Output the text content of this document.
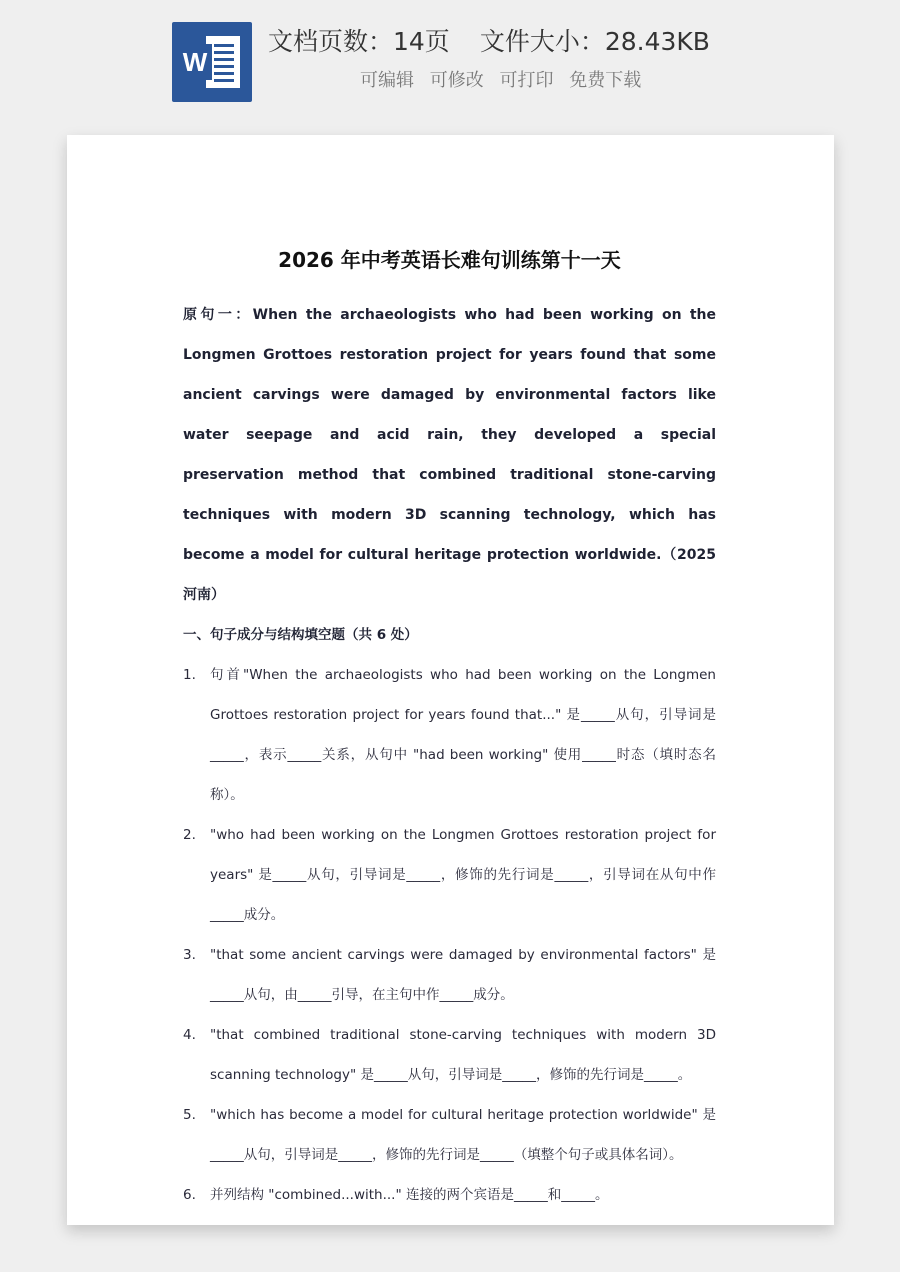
W
文档页数：14页 文件大小：28.43KB
可编辑 可修改 可打印 免费下载
2026 年中考英语长难句训练第十一天

原句一：When the archaeologists who had been working on the Longmen Grottoes restoration project for years found that some ancient carvings were damaged by environmental factors like water seepage and acid rain, they developed a special preservation method that combined traditional stone-carving techniques with modern 3D scanning technology, which has become a model for cultural heritage protection worldwide.（2025 河南）

一、句子成分与结构填空题（共 6 处）

1. 句首"When the archaeologists who had been working on the Longmen Grottoes restoration project for years found that..." 是_____从句，引导词是_____，表示_____关系，从句中 "had been working" 使用_____时态（填时态名称）。
2. "who had been working on the Longmen Grottoes restoration project for years" 是_____从句，引导词是_____，修饰的先行词是_____，引导词在从句中作_____成分。
3. "that some ancient carvings were damaged by environmental factors" 是_____从句，由_____引导，在主句中作_____成分。
4. "that combined traditional stone-carving techniques with modern 3D scanning technology" 是_____从句，引导词是_____，修饰的先行词是_____。
5. "which has become a model for cultural heritage protection worldwide" 是_____从句，引导词是_____，修饰的先行词是_____（填整个句子或具体名词）。
6. 并列结构 "combined...with..." 连接的两个宾语是_____和_____。
